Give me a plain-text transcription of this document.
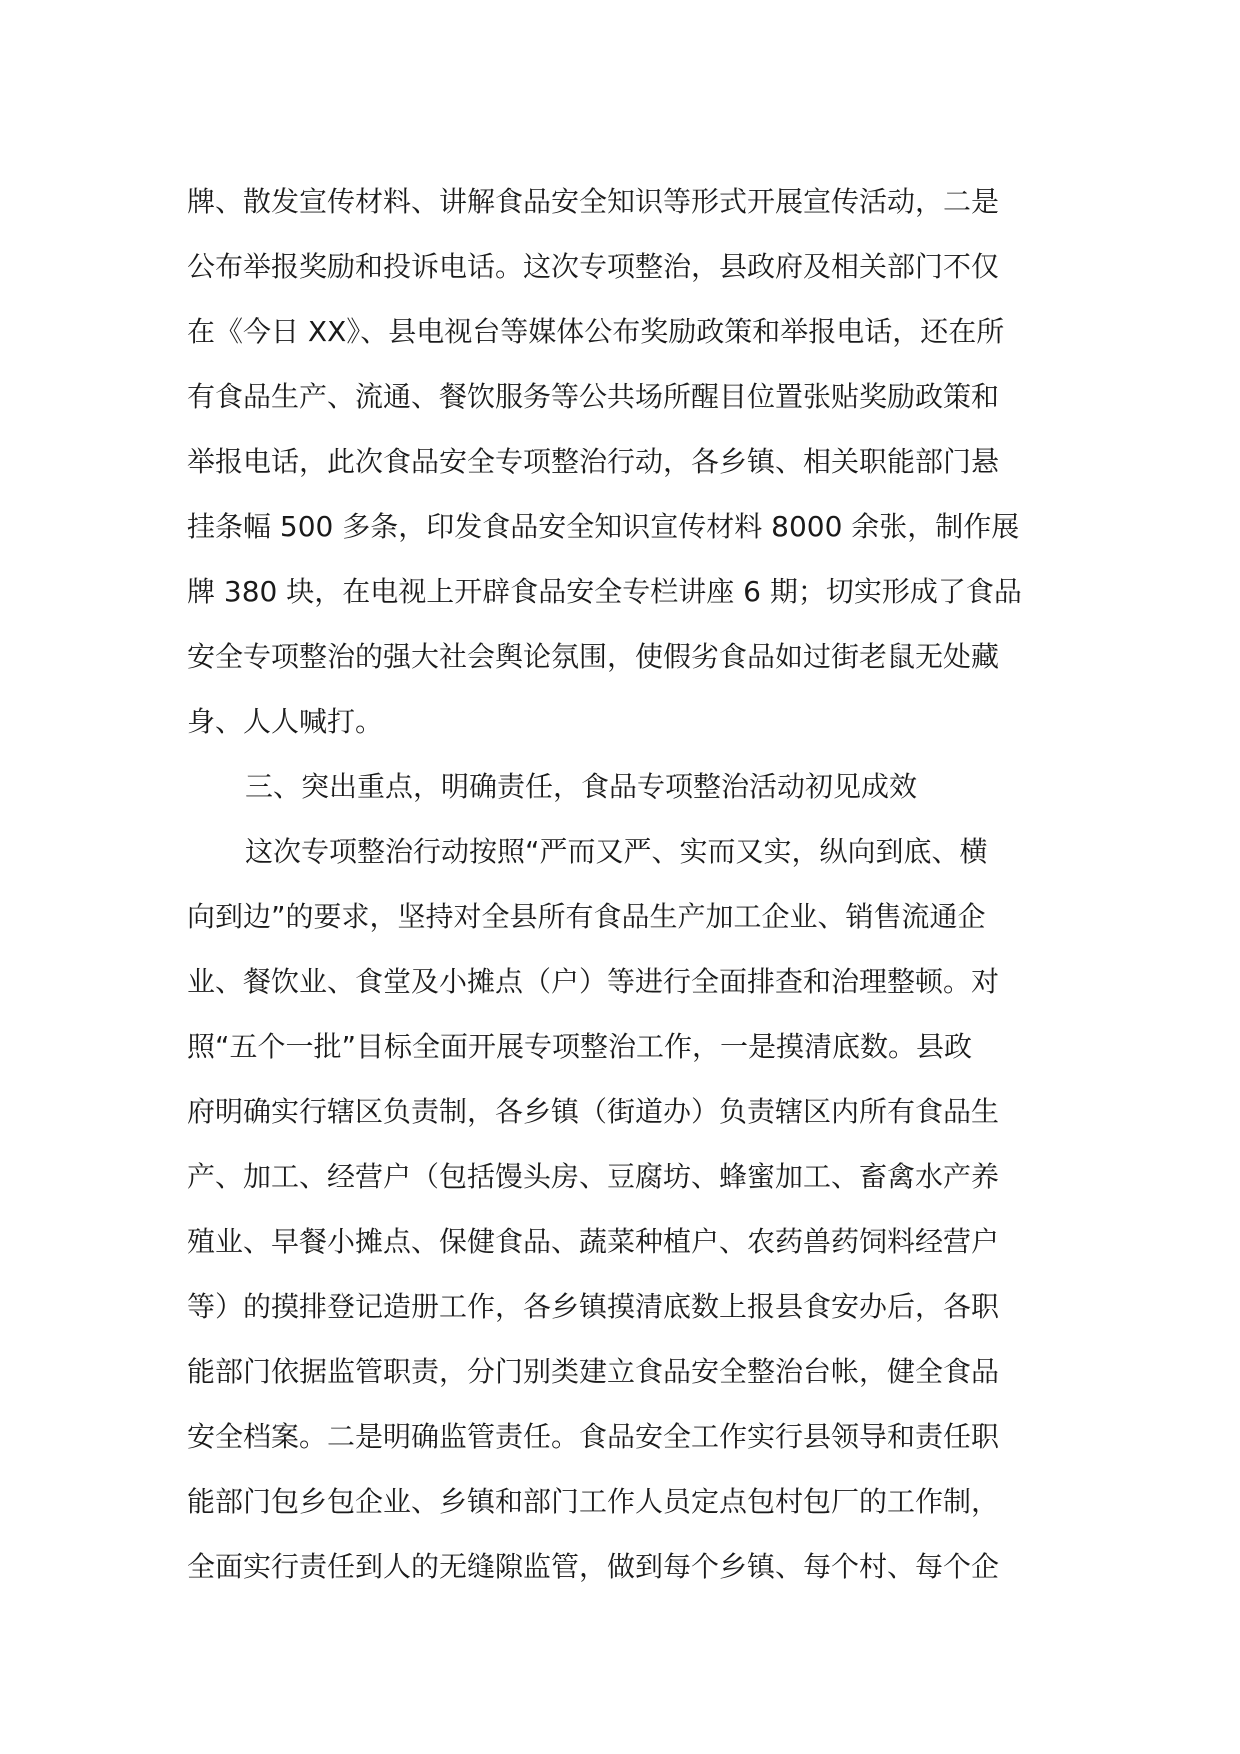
牌、散发宣传材料、讲解食品安全知识等形式开展宣传活动，二是
公布举报奖励和投诉电话。这次专项整治，县政府及相关部门不仅
在《今日 XX》、县电视台等媒体公布奖励政策和举报电话，还在所
有食品生产、流通、餐饮服务等公共场所醒目位置张贴奖励政策和
举报电话，此次食品安全专项整治行动，各乡镇、相关职能部门悬
挂条幅 500 多条，印发食品安全知识宣传材料 8000 余张，制作展
牌 380 块，在电视上开辟食品安全专栏讲座 6 期；切实形成了食品
安全专项整治的强大社会舆论氛围，使假劣食品如过街老鼠无处藏
身、人人喊打。
三、突出重点，明确责任，食品专项整治活动初见成效
这次专项整治行动按照“严而又严、实而又实，纵向到底、横
向到边”的要求，坚持对全县所有食品生产加工企业、销售流通企
业、餐饮业、食堂及小摊点（户）等进行全面排查和治理整顿。对
照“五个一批”目标全面开展专项整治工作，一是摸清底数。县政
府明确实行辖区负责制，各乡镇（街道办）负责辖区内所有食品生
产、加工、经营户（包括馒头房、豆腐坊、蜂蜜加工、畜禽水产养
殖业、早餐小摊点、保健食品、蔬菜种植户、农药兽药饲料经营户
等）的摸排登记造册工作，各乡镇摸清底数上报县食安办后，各职
能部门依据监管职责，分门别类建立食品安全整治台帐，健全食品
安全档案。二是明确监管责任。食品安全工作实行县领导和责任职
能部门包乡包企业、乡镇和部门工作人员定点包村包厂的工作制，
全面实行责任到人的无缝隙监管，做到每个乡镇、每个村、每个企
